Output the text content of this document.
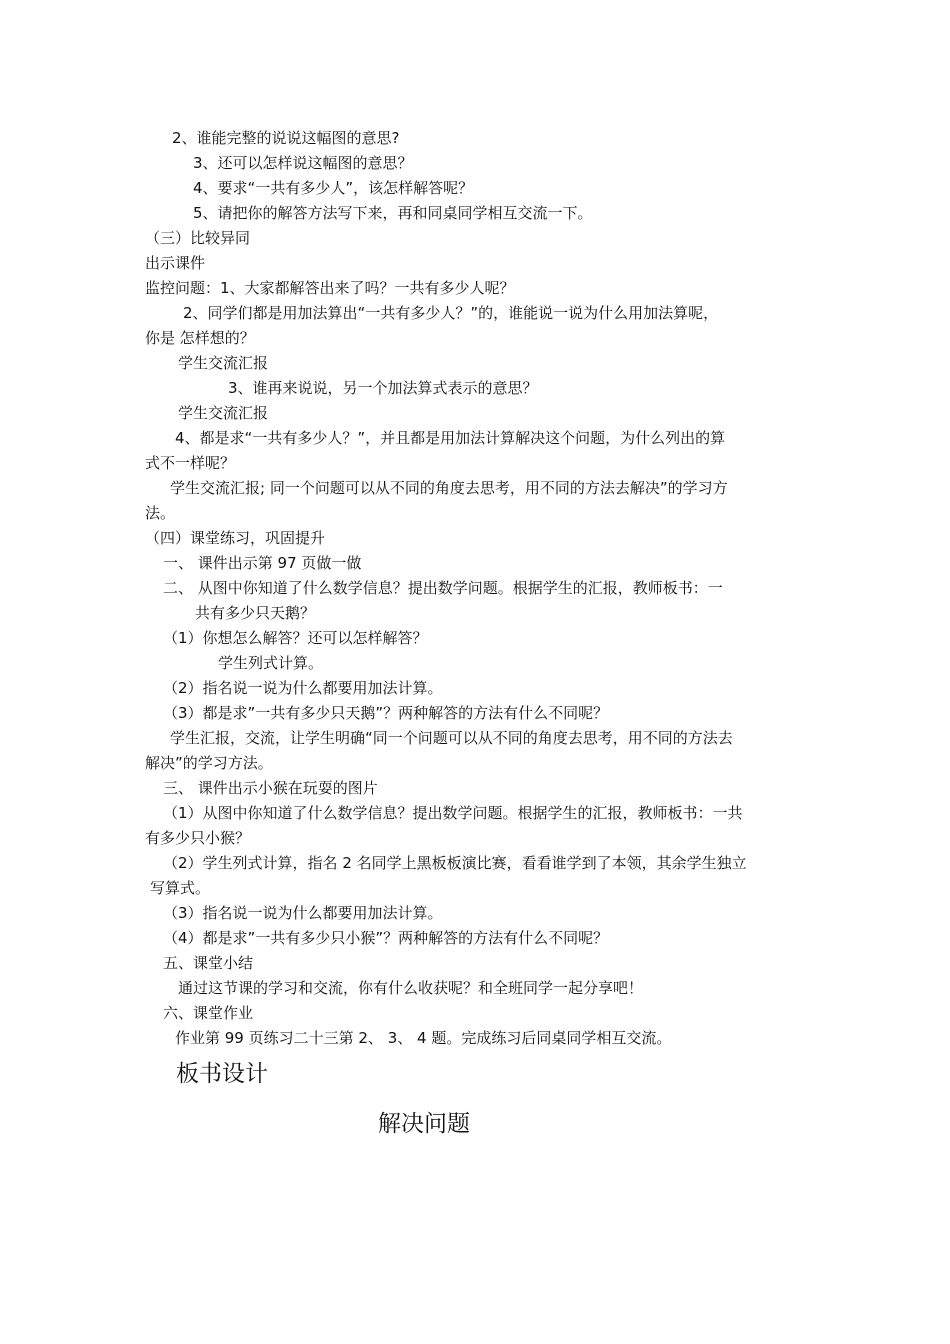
2、谁能完整的说说这幅图的意思?
3、还可以怎样说这幅图的意思？
4、要求“一共有多少人”，该怎样解答呢？
5、请把你的解答方法写下来，再和同桌同学相互交流一下。
（三）比较异同
出示课件
监控问题：1、大家都解答出来了吗？一共有多少人呢？
2、同学们都是用加法算出“一共有多少人？”的，谁能说一说为什么用加法算呢，
你是 怎样想的？
学生交流汇报
3、谁再来说说，另一个加法算式表示的意思？
学生交流汇报
4、都是求“一共有多少人？”，并且都是用加法计算解决这个问题，为什么列出的算
式不一样呢？
学生交流汇报; 同一个问题可以从不同的角度去思考，用不同的方法去解决”的学习方
法。
（四）课堂练习，巩固提升
一、 课件出示第 97 页做一做
二、 从图中你知道了什么数学信息？提出数学问题。根据学生的汇报，教师板书：一
共有多少只天鹅？
（1）你想怎么解答？还可以怎样解答？
学生列式计算。
（2）指名说一说为什么都要用加法计算。
（3）都是求”一共有多少只天鹅”？两种解答的方法有什么不同呢？
学生汇报，交流，让学生明确“同一个问题可以从不同的角度去思考，用不同的方法去
解决”的学习方法。
三、 课件出示小猴在玩耍的图片
（1）从图中你知道了什么数学信息？提出数学问题。根据学生的汇报，教师板书：一共
有多少只小猴？
（2）学生列式计算，指名 2 名同学上黑板板演比赛，看看谁学到了本领，其余学生独立
写算式。
（3）指名说一说为什么都要用加法计算。
（4）都是求”一共有多少只小猴”？两种解答的方法有什么不同呢？
五、课堂小结
通过这节课的学习和交流，你有什么收获呢？和全班同学一起分享吧！
六、课堂作业
作业第 99 页练习二十三第 2、 3、 4 题。完成练习后同桌同学相互交流。
板书设计
解决问题
